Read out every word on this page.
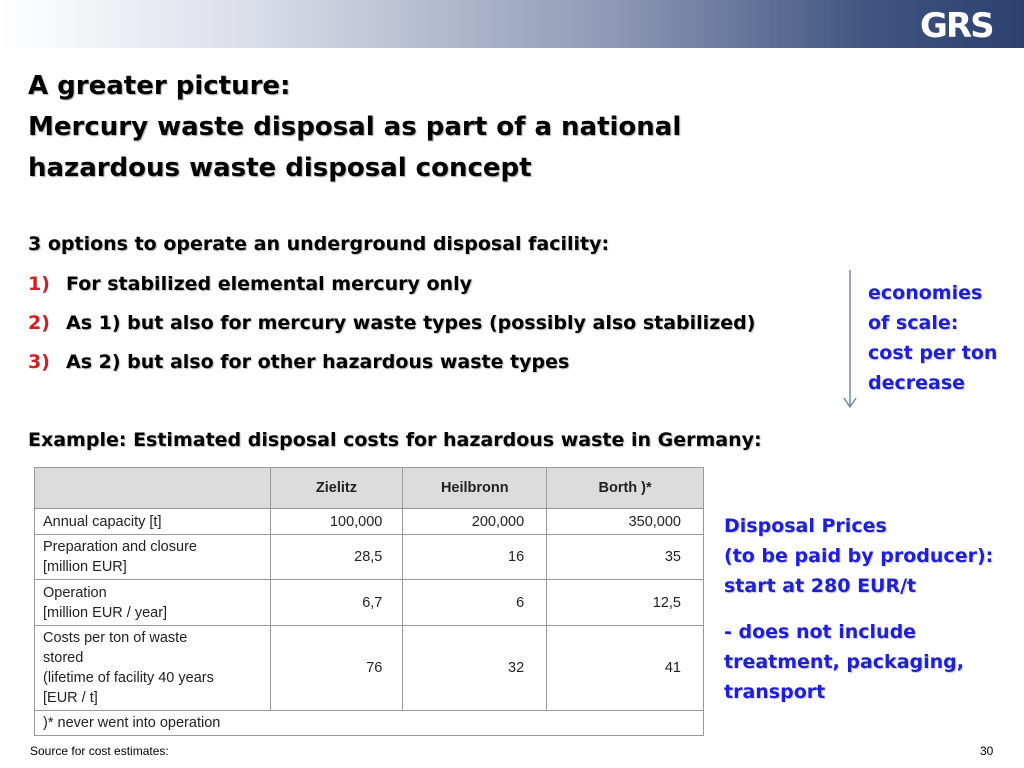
GRS
A greater picture:
Mercury waste disposal as part of a national
hazardous waste disposal concept
3 options to operate an underground disposal facility:
1) For stabilized elemental mercury only
2) As 1) but also for mercury waste types (possibly also stabilized)
3) As 2) but also for other hazardous waste types
economies
of scale:
cost per ton
decrease
Example: Estimated disposal costs for hazardous waste in Germany:
	Zielitz	Heilbronn	Borth )*
Annual capacity [t]	100,000	200,000	350,000
Preparation and closure
[million EUR]	28,5	16	35
Operation
[million EUR / year]	6,7	6	12,5
Costs per ton of waste
stored
(lifetime of facility 40 years
[EUR / t]	76	32	41
)* never went into operation			
Disposal Prices
(to be paid by producer):
start at 280 EUR/t
- does not include
treatment, packaging,
transport
Source for cost estimates:	30
